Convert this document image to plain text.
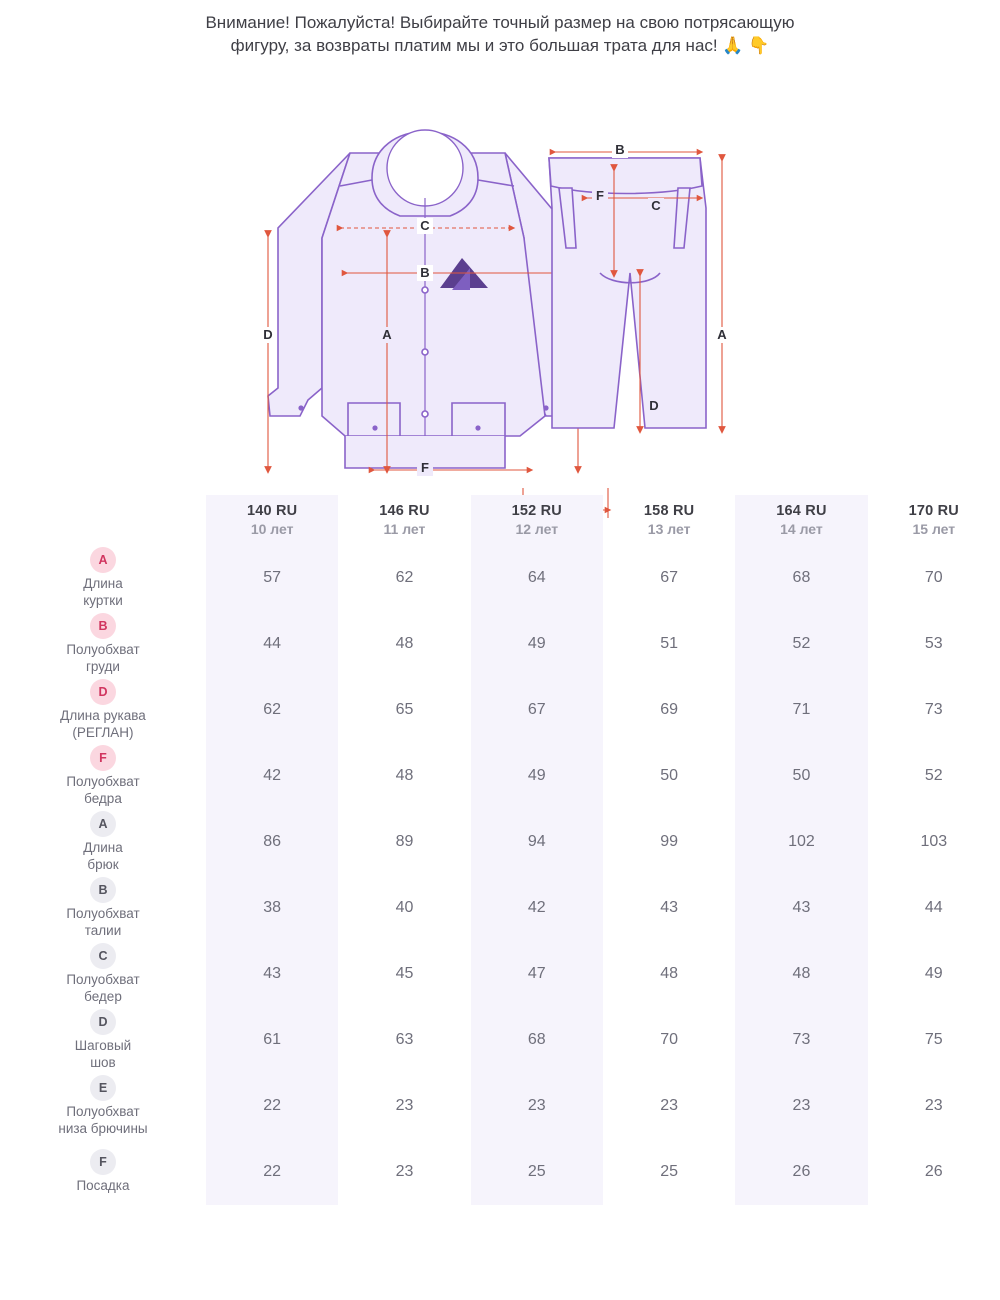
Внимание! Пожалуйста! Выбирайте точный размер на свою потрясающую
фигуру, за возвраты платим мы и это большая трата для нас! 🙏 👇
C
B
D	A
F
B
F
C
A
D

140 RU
10 лет

146 RU
11 лет

152 RU
12 лет

158 RU
13 лет

164 RU
14 лет

170 RU
15 лет

A
Длина
куртки	57	62	64	67	68	70
B
Полуобхват
груди	44	48	49	51	52	53
D
Длина рукава
(РЕГЛАН)	62	65	67	69	71	73
F
Полуобхват
бедра	42	48	49	50	50	52
A
Длина
брюк	86	89	94	99	102	103
B
Полуобхват
талии	38	40	42	43	43	44
C
Полуобхват
бедер	43	45	47	48	48	49
D
Шаговый
шов	61	63	68	70	73	75
E
Полуобхват
низа брючины	22	23	23	23	23	23
F
Посадка	22	23	25	25	26	26
